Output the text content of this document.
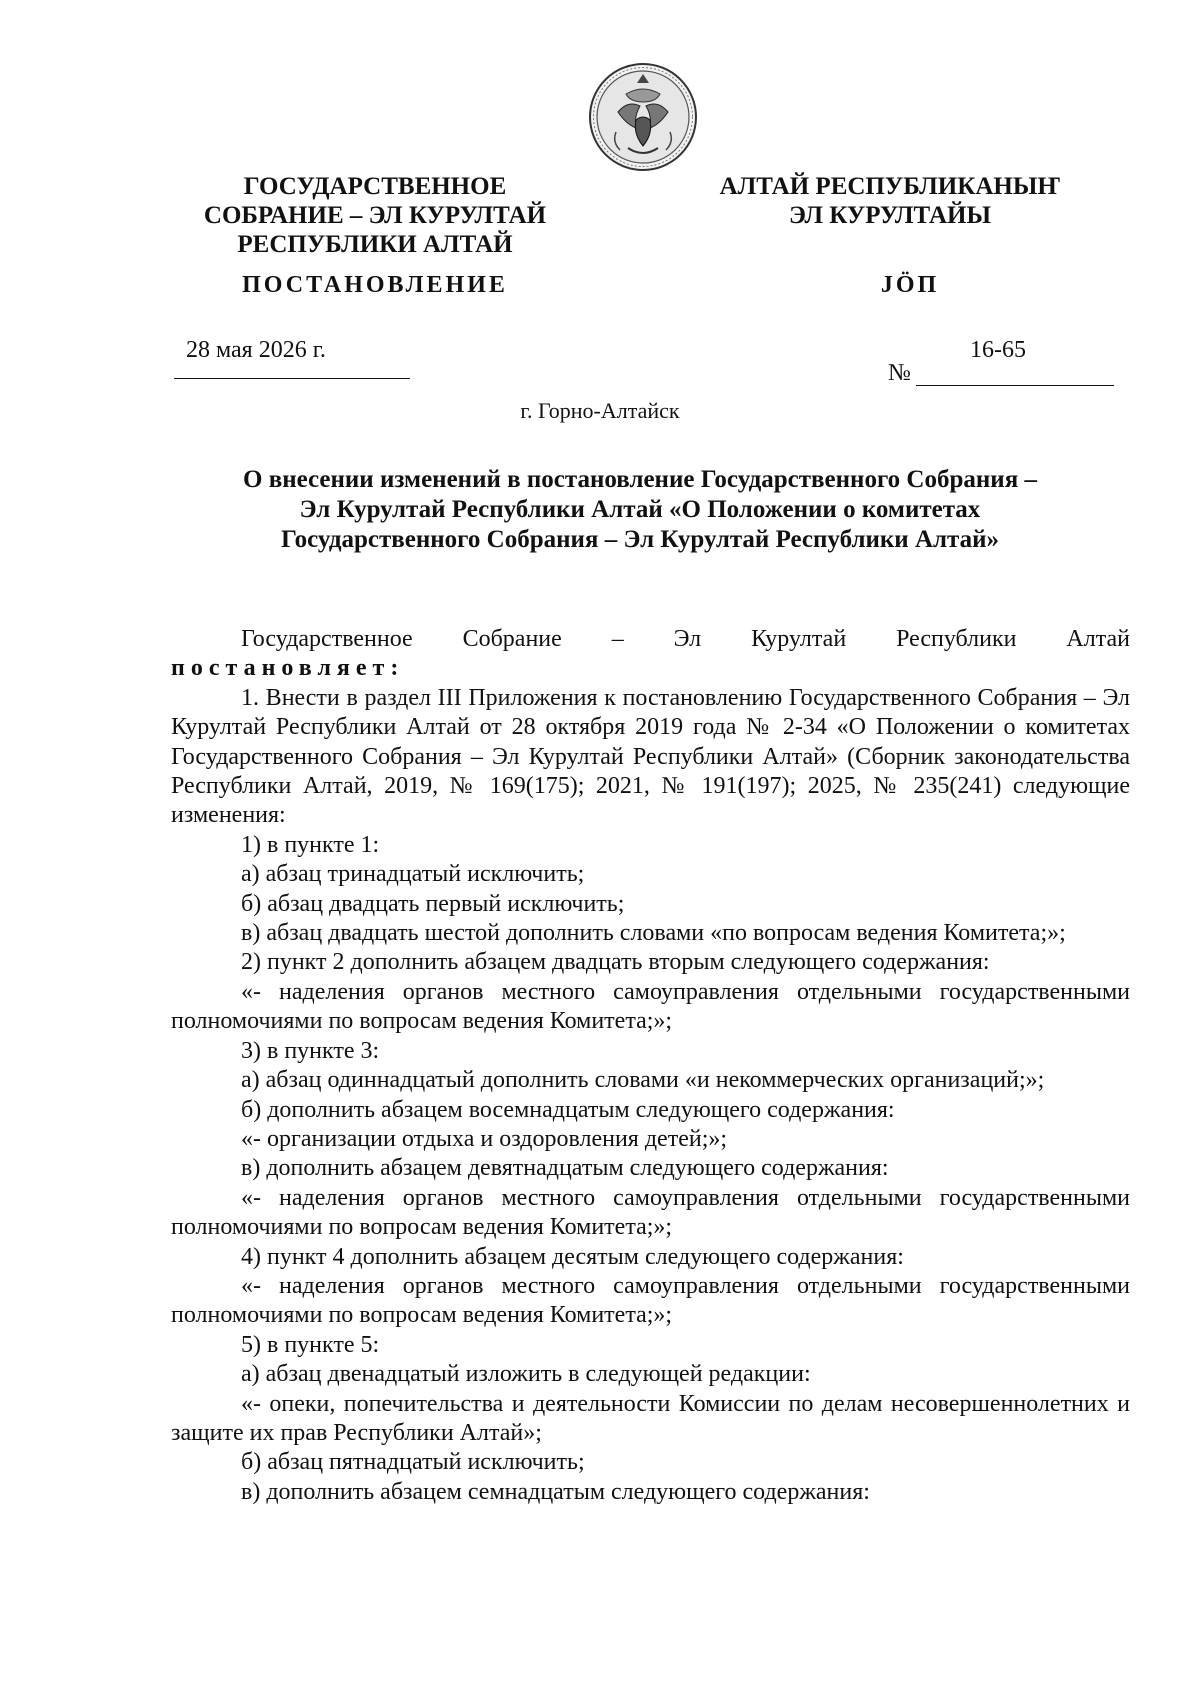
ГОСУДАРСТВЕННОЕ
СОБРАНИЕ – ЭЛ КУРУЛТАЙ
РЕСПУБЛИКИ АЛТАЙ
ПОСТАНОВЛЕНИЕ
АЛТАЙ РЕСПУБЛИКАНЫҤ
ЭЛ КУРУЛТАЙЫ
ЈӦП
28 мая 2026 г.
№
16-65
г. Горно-Алтайск
О внесении изменений в постановление Государственного Собрания –
Эл Курултай Республики Алтай «О Положении о комитетах
Государственного Собрания – Эл Курултай Республики Алтай»

Государственное Собрание – Эл Курултай Республики Алтай

постановляет:

1. Внести в раздел III Приложения к постановлению Государственного Собрания – Эл Курултай Республики Алтай от 28 октября 2019 года № 2-34 «О Положении о комитетах Государственного Собрания – Эл Курултай Республики Алтай» (Сборник законодательства Республики Алтай, 2019, № 169(175); 2021, № 191(197); 2025, № 235(241) следующие изменения:

1) в пункте 1:

а) абзац тринадцатый исключить;

б) абзац двадцать первый исключить;

в) абзац двадцать шестой дополнить словами «по вопросам ведения Комитета;»;

2) пункт 2 дополнить абзацем двадцать вторым следующего содержания:

«- наделения органов местного самоуправления отдельными государственными полномочиями по вопросам ведения Комитета;»;

3) в пункте 3:

а) абзац одиннадцатый дополнить словами «и некоммерческих организаций;»;

б) дополнить абзацем восемнадцатым следующего содержания:

«- организации отдыха и оздоровления детей;»;

в) дополнить абзацем девятнадцатым следующего содержания:

«- наделения органов местного самоуправления отдельными государственными полномочиями по вопросам ведения Комитета;»;

4) пункт 4 дополнить абзацем десятым следующего содержания:

«- наделения органов местного самоуправления отдельными государственными полномочиями по вопросам ведения Комитета;»;

5) в пункте 5:

а) абзац двенадцатый изложить в следующей редакции:

«- опеки, попечительства и деятельности Комиссии по делам несовершеннолетних и защите их прав Республики Алтай»;

б) абзац пятнадцатый исключить;

в) дополнить абзацем семнадцатым следующего содержания:
